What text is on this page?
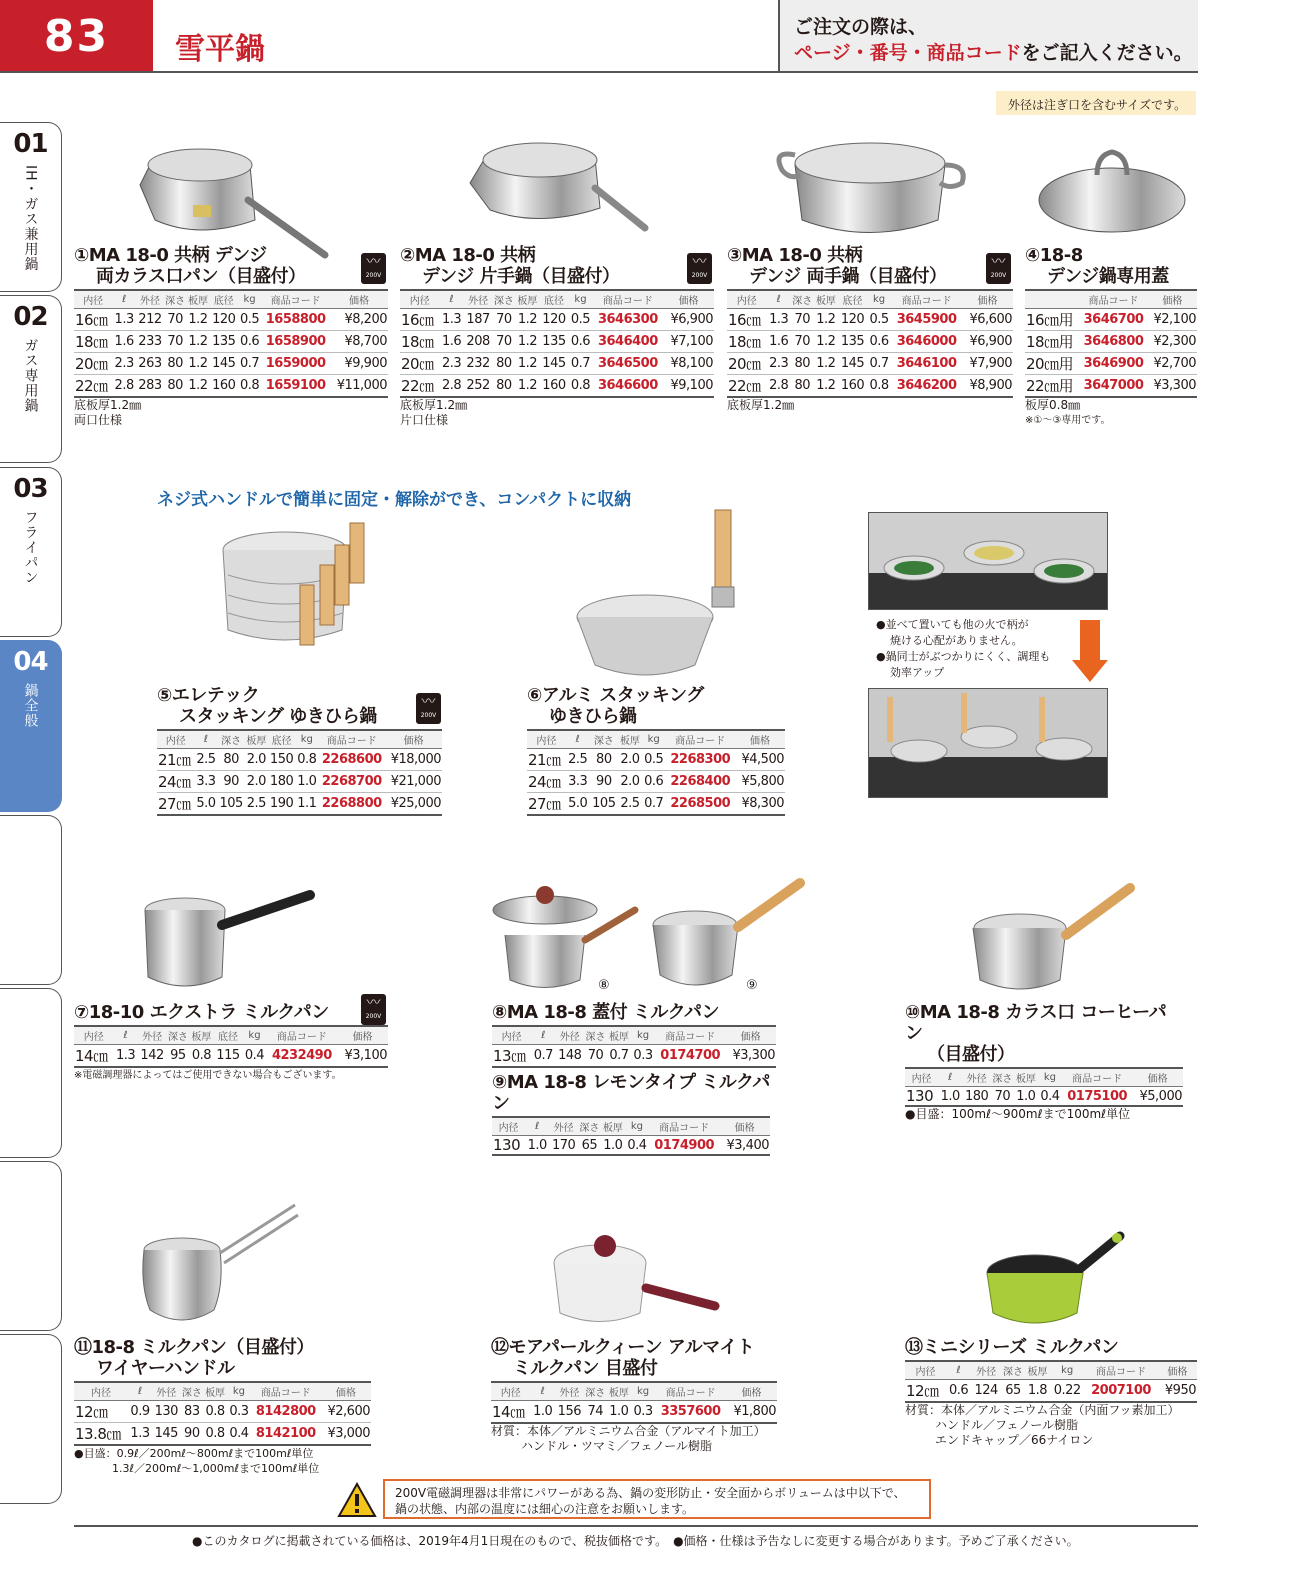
83	雪平鍋
ご注文の際は、
ページ・番号・商品コードをご記入ください。
外径は注ぎ口を含むサイズです。
01
IH・ガス兼用鍋
02
ガス専用鍋
03
フライパン
04
鍋全般
①MA 18-0 共柄 デンジ
両カラス口パン（目盛付）
〰
200V
内径	ℓ	外径	深さ	板厚	底径	kg	商品コード	価格
16㎝	1.3	212	70	1.2	120	0.5	1658800	¥8,200
18㎝	1.6	233	70	1.2	135	0.6	1658900	¥8,700
20㎝	2.3	263	80	1.2	145	0.7	1659000	¥9,900
22㎝	2.8	283	80	1.2	160	0.8	1659100	¥11,000
底板厚1.2㎜
両口仕様
②MA 18-0 共柄
デンジ 片手鍋（目盛付）
〰
200V
内径	ℓ	外径	深さ	板厚	底径	kg	商品コード	価格
16㎝	1.3	187	70	1.2	120	0.5	3646300	¥6,900
18㎝	1.6	208	70	1.2	135	0.6	3646400	¥7,100
20㎝	2.3	232	80	1.2	145	0.7	3646500	¥8,100
22㎝	2.8	252	80	1.2	160	0.8	3646600	¥9,100
底板厚1.2㎜
片口仕様
③MA 18-0 共柄
デンジ 両手鍋（目盛付）
〰
200V
内径	ℓ	深さ	板厚	底径	kg	商品コード	価格
16㎝	1.3	70	1.2	120	0.5	3645900	¥6,600
18㎝	1.6	70	1.2	135	0.6	3646000	¥6,900
20㎝	2.3	80	1.2	145	0.7	3646100	¥7,900
22㎝	2.8	80	1.2	160	0.8	3646200	¥8,900
底板厚1.2㎜
④18-8
デンジ鍋専用蓋
	商品コード	価格
16㎝用	3646700	¥2,100
18㎝用	3646800	¥2,300
20㎝用	3646900	¥2,700
22㎝用	3647000	¥3,300
板厚0.8㎜
※①～③専用です。
ネジ式ハンドルで簡単に固定・解除ができ、コンパクトに収納
⑤エレテック
スタッキング ゆきひら鍋
〰
200V
内径	ℓ	深さ	板厚	底径	kg	商品コード	価格
21㎝	2.5	80	2.0	150	0.8	2268600	¥18,000
24㎝	3.3	90	2.0	180	1.0	2268700	¥21,000
27㎝	5.0	105	2.5	190	1.1	2268800	¥25,000
⑥アルミ スタッキング
ゆきひら鍋
内径	ℓ	深さ	板厚	kg	商品コード	価格
21㎝	2.5	80	2.0	0.5	2268300	¥4,500
24㎝	3.3	90	2.0	0.6	2268400	¥5,800
27㎝	5.0	105	2.5	0.7	2268500	¥8,300
●並べて置いても他の火で柄が
焼ける心配がありません。
●鍋同士がぶつかりにくく、調理も
効率アップ
⑧	⑨
⑦18-10 エクストラ ミルクパン	〰
200V
内径	ℓ	外径	深さ	板厚	底径	kg	商品コード	価格
14㎝	1.3	142	95	0.8	115	0.4	4232490	¥3,100
※電磁調理器によってはご使用できない場合もございます。
⑧MA 18-8 蓋付 ミルクパン
内径	ℓ	外径	深さ	板厚	kg	商品コード	価格
13㎝	0.7	148	70	0.7	0.3	0174700	¥3,300
⑨MA 18-8 レモンタイプ ミルクパン
内径	ℓ	外径	深さ	板厚	kg	商品コード	価格
130	1.0	170	65	1.0	0.4	0174900	¥3,400
⑩MA 18-8 カラス口 コーヒーパン
（目盛付）
内径	ℓ	外径	深さ	板厚	kg	商品コード	価格
130	1.0	180	70	1.0	0.4	0175100	¥5,000
●目盛：100mℓ～900mℓまで100mℓ単位
⑪18-8 ミルクパン（目盛付）
ワイヤーハンドル
内径	ℓ	外径	深さ	板厚	kg	商品コード	価格
12㎝	0.9	130	83	0.8	0.3	8142800	¥2,600
13.8㎝	1.3	145	90	0.8	0.4	8142100	¥3,000
●目盛：0.9ℓ／200mℓ～800mℓまで100mℓ単位
1.3ℓ／200mℓ～1,000mℓまで100mℓ単位
⑫モアパールクィーン アルマイト
ミルクパン 目盛付
内径	ℓ	外径	深さ	板厚	kg	商品コード	価格
14㎝	1.0	156	74	1.0	0.3	3357600	¥1,800
材質：本体／アルミニウム合金（アルマイト加工）
ハンドル・ツマミ／フェノール樹脂
⑬ミニシリーズ ミルクパン
内径	ℓ	外径	深さ	板厚	kg	商品コード	価格
12㎝	0.6	124	65	1.8	0.22	2007100	¥950
材質：本体／アルミニウム合金（内面フッ素加工）
ハンドル／フェノール樹脂
エンドキャップ／66ナイロン
200V電磁調理器は非常にパワーがある為、鍋の変形防止・安全面からボリュームは中以下で、
鍋の状態、内部の温度には細心の注意をお願いします。
●このカタログに掲載されている価格は、2019年4月1日現在のもので、税抜価格です。　●価格・仕様は予告なしに変更する場合があります。予めご了承ください。
